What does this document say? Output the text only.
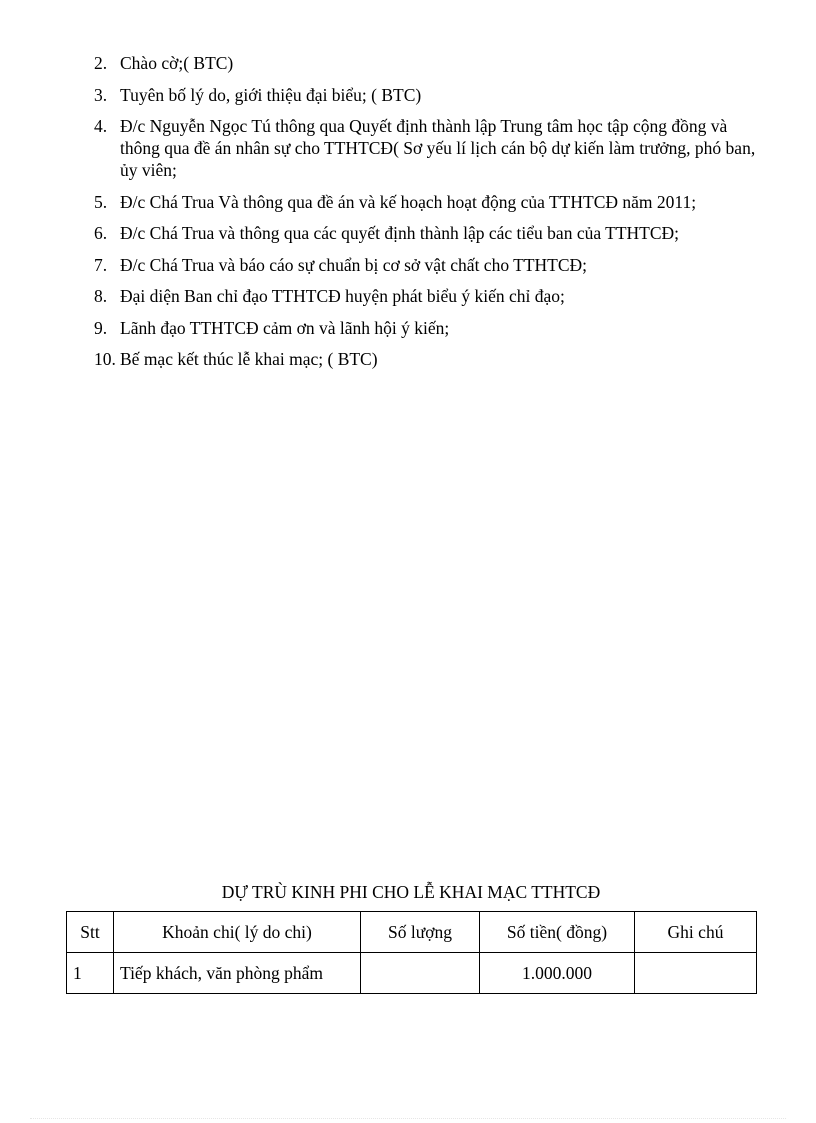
2. Chào cờ;( BTC)
3. Tuyên bố lý do, giới thiệu đại biểu; ( BTC)
4. Đ/c Nguyễn Ngọc Tú thông qua Quyết định thành lập Trung tâm học tập cộng đồng và thông qua đề án nhân sự cho TTHTCĐ( Sơ yếu lí lịch cán bộ dự kiến làm trưởng, phó ban, ủy viên;
5. Đ/c Chá Trua Và thông qua đề án và kế hoạch hoạt động của TTHTCĐ năm 2011;
6. Đ/c Chá Trua và thông qua các quyết định thành lập các tiểu ban của TTHTCĐ;
7. Đ/c Chá Trua và báo cáo sự chuẩn bị cơ sở vật chất cho TTHTCĐ;
8. Đại diện Ban chỉ đạo TTHTCĐ huyện phát biểu ý kiến chỉ đạo;
9. Lãnh đạo TTHTCĐ cảm ơn và lãnh hội ý kiến;
10. Bế mạc kết thúc lễ khai mạc; ( BTC)
DỰ TRÙ KINH PHI CHO LỄ KHAI MẠC TTHTCĐ
Stt	Khoản chi( lý do chi)	Số lượng	Số tiền( đồng)	Ghi chú
1	Tiếp khách, văn phòng phẩm		1.000.000	
